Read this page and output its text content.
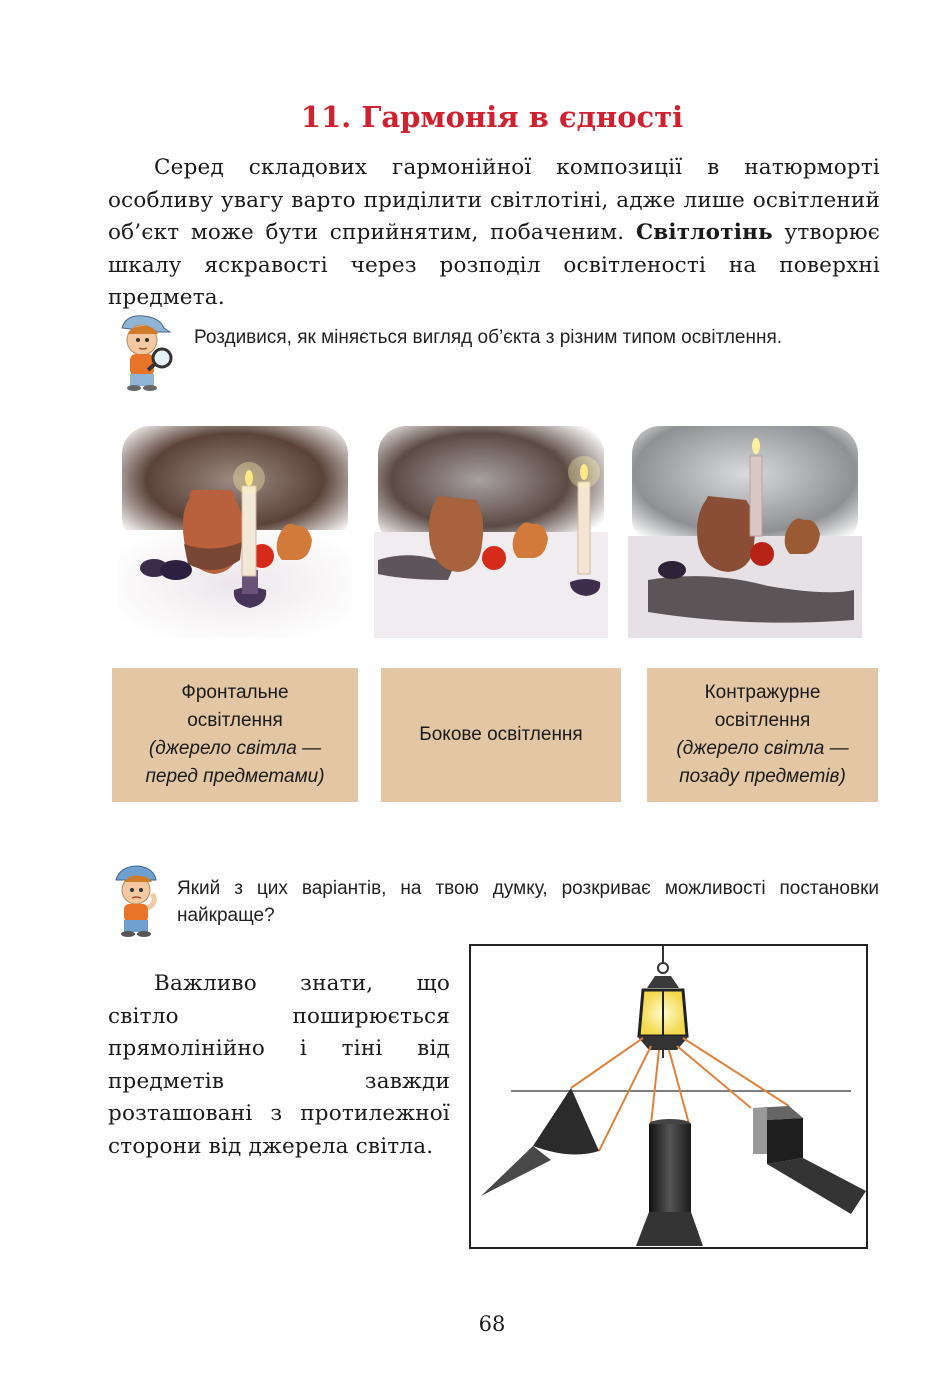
11. Гармонія в єдності
Серед складових гармонійної композиції в натюрморті особливу увагу варто приділити світлотіні, адже лише освітлений об’єкт може бути сприйнятим, побаченим. Світлотінь утворює шкалу яскравості через розподіл освітленості на поверхні предмета.
Роздивися, як міняється вигляд об’єкта з різним типом освітлення.
Фронтальне
освітлення
(джерело світла —
перед предметами)
Бокове освітлення
Контражурне
освітлення
(джерело світла —
позаду предметів)
Який з цих варіантів, на твою думку, розкриває можливості постановки найкраще?
Важливо знати, що світло поширюється прямолінійно і тіні від предметів завжди розташовані з протилежної сторони від джерела світла.
68
